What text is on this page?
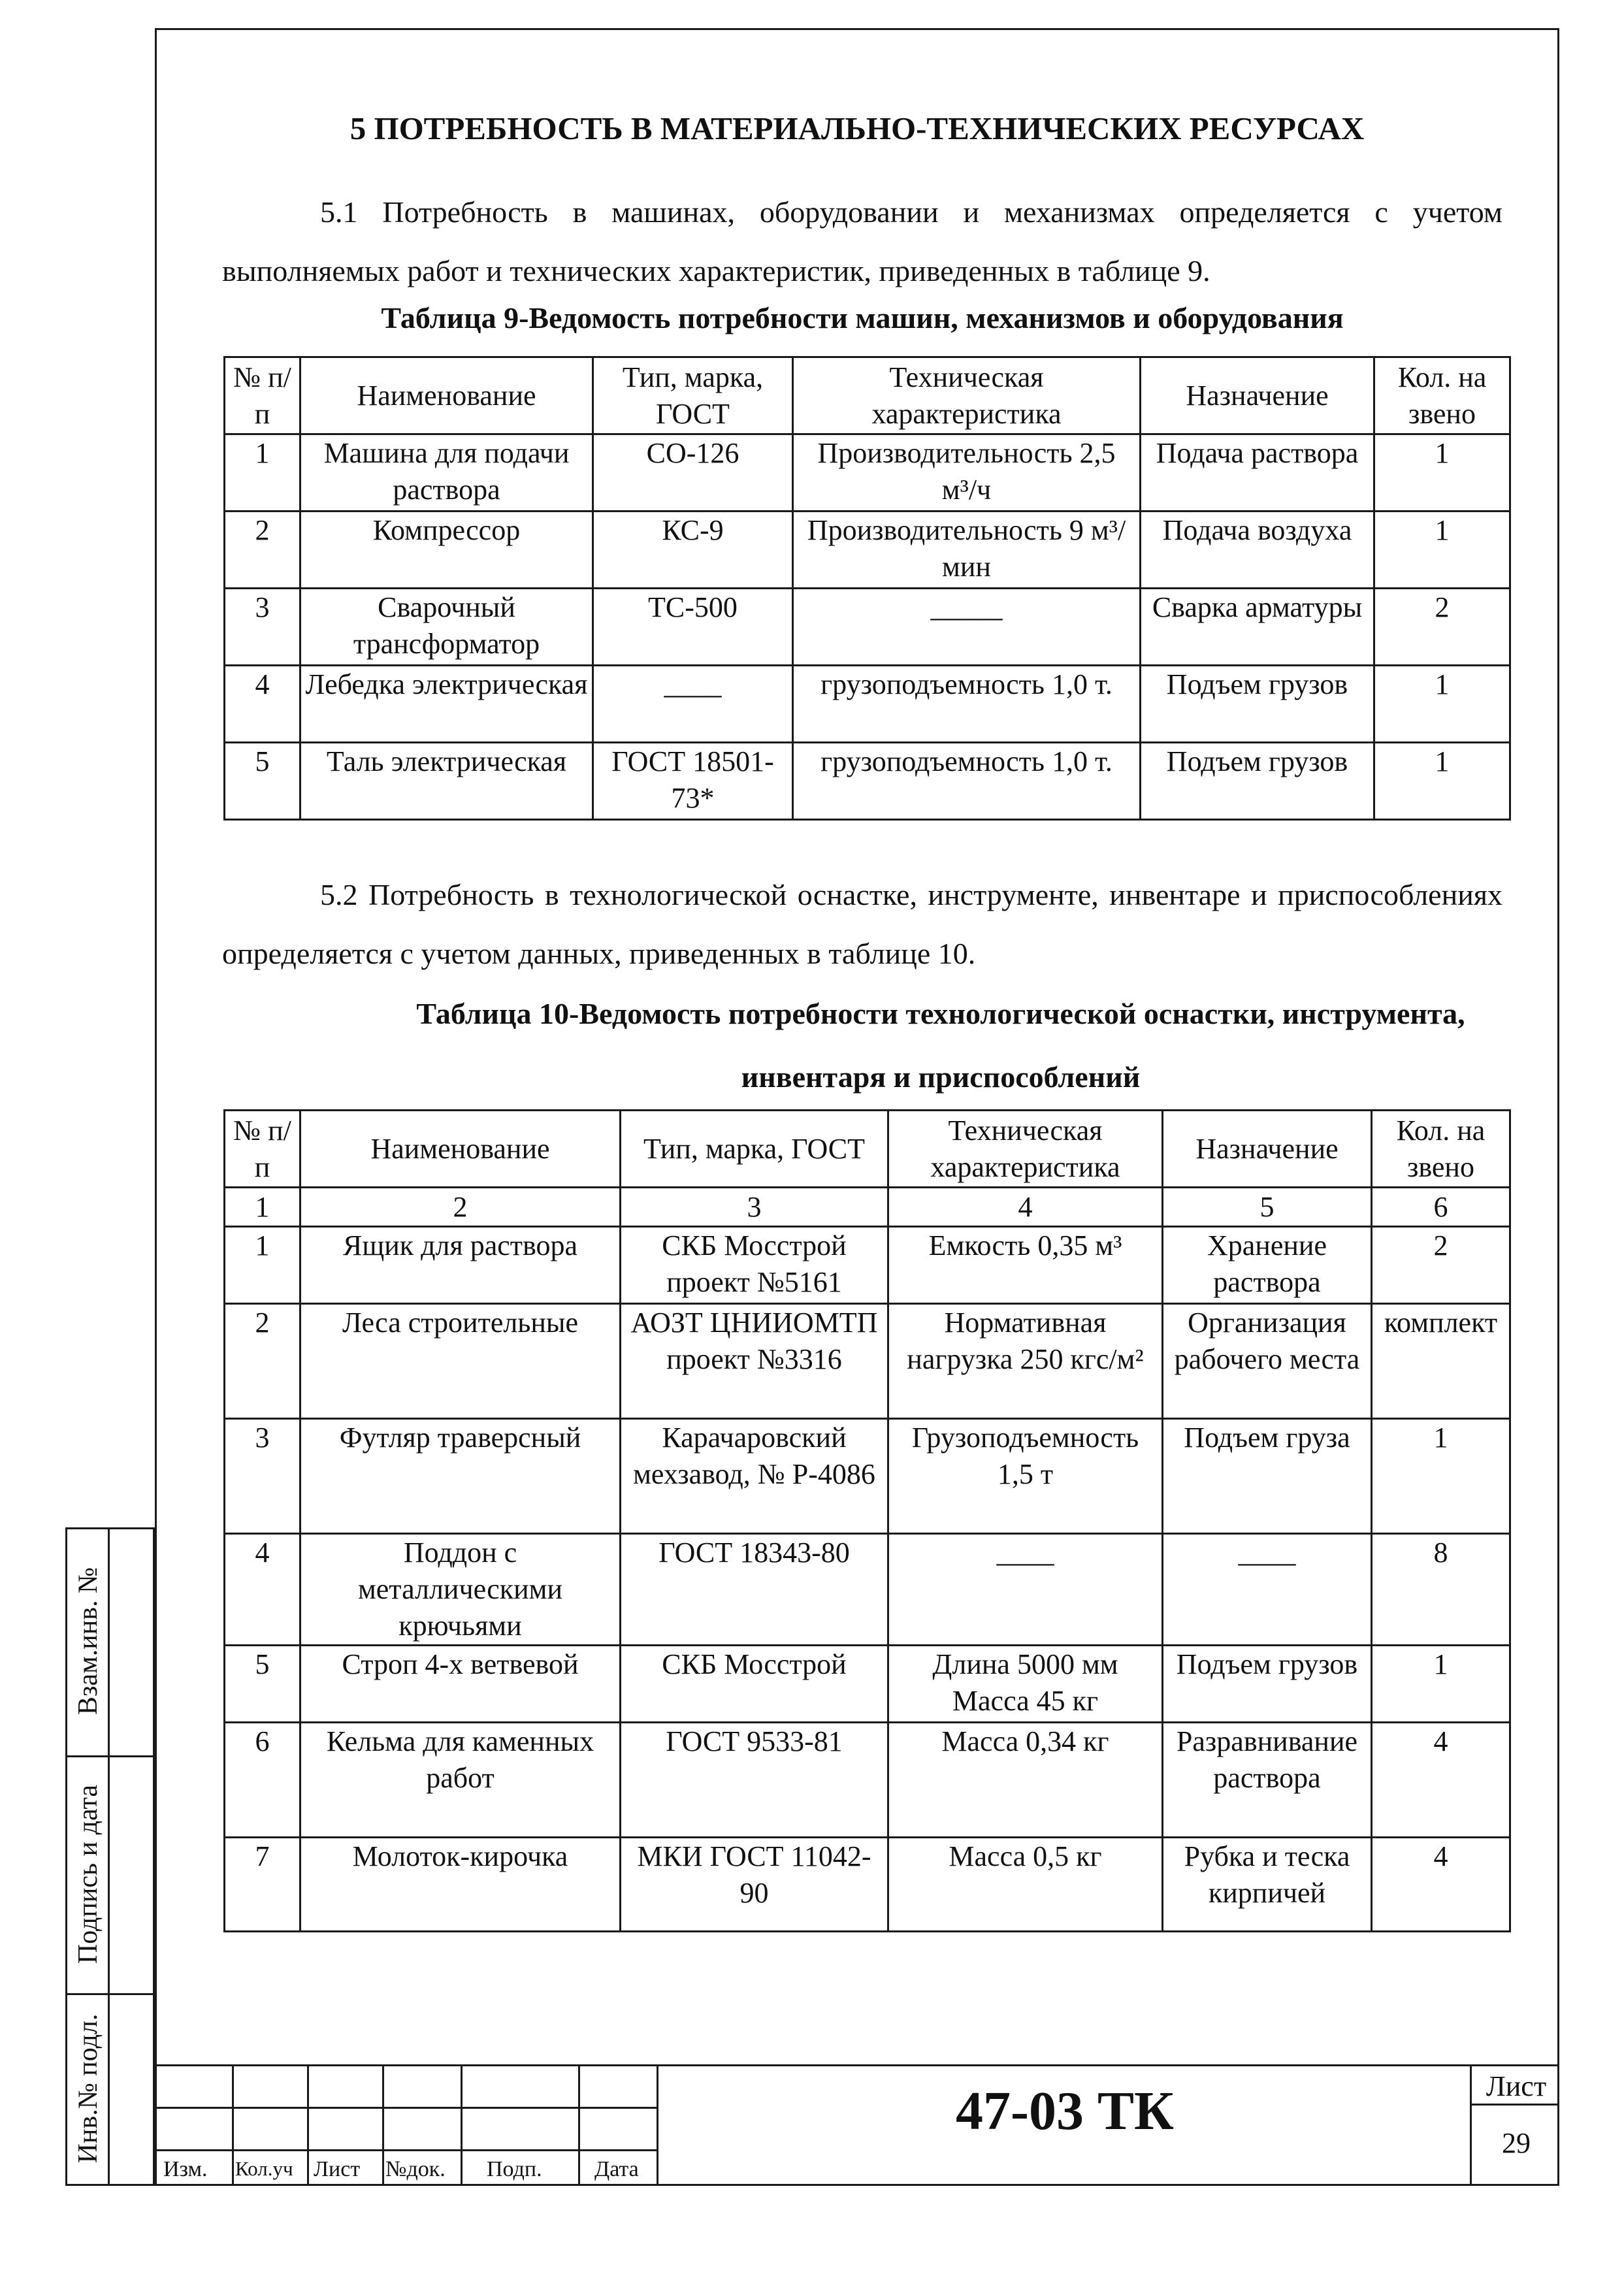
5 ПОТРЕБНОСТЬ В МАТЕРИАЛЬНО-ТЕХНИЧЕСКИХ РЕСУРСАХ
5.1 Потребность в машинах, оборудовании и механизмах определяется с учетом выполняемых работ и технических характеристик, приведенных в таблице 9.
Таблица 9-Ведомость потребности машин, механизмов и оборудования
№ п/п	Наименование	Тип, марка, ГОСТ	Техническая характеристика	Назначение	Кол. на звено
1	Машина для подачи раствора	СО-126	Производительность 2,5 м³/ч	Подача раствора	1
2	Компрессор	КС-9	Производительность 9 м³/мин	Подача воздуха	1
3	Сварочный трансформатор	ТС-500	_____	Сварка арматуры	2
4	Лебедка электрическая	____	грузоподъемность 1,0 т.	Подъем грузов	1
5	Таль электрическая	ГОСТ 18501-73*	грузоподъемность 1,0 т.	Подъем грузов	1
5.2 Потребность в технологической оснастке, инструменте, инвентаре и приспособлениях определяется с учетом данных, приведенных в таблице 10.
Таблица 10-Ведомость потребности технологической оснастки, инструмента, инвентаря и приспособлений
№ п/п	Наименование	Тип, марка, ГОСТ	Техническая характеристика	Назначение	Кол. на звено
1	2	3	4	5	6
1	Ящик для раствора	СКБ Мосстрой проект №5161	Емкость 0,35 м³	Хранение раствора	2
2	Леса строительные	АОЗТ ЦНИИОМТП проект №3316	Нормативная нагрузка 250 кгс/м²	Организация рабочего места	комплект
3	Футляр траверсный	Карачаровский мехзавод, № Р-4086	Грузоподъемность 1,5 т	Подъем груза	1
4	Поддон с металлическими крючьями	ГОСТ 18343-80	____	____	8
5	Строп 4-х ветвевой	СКБ Мосстрой	Длина 5000 мм Масса 45 кг	Подъем грузов	1
6	Кельма для каменных работ	ГОСТ 9533-81	Масса 0,34 кг	Разравнивание раствора	4
7	Молоток-кирочка	МКИ ГОСТ 11042-90	Масса 0,5 кг	Рубка и теска кирпичей	4
Взам.инв. №
Подпись и дата
Инв.№ подл.
Изм. Кол.уч Лист №док. Подп. Дата
47-03 ТК	Лист
29
